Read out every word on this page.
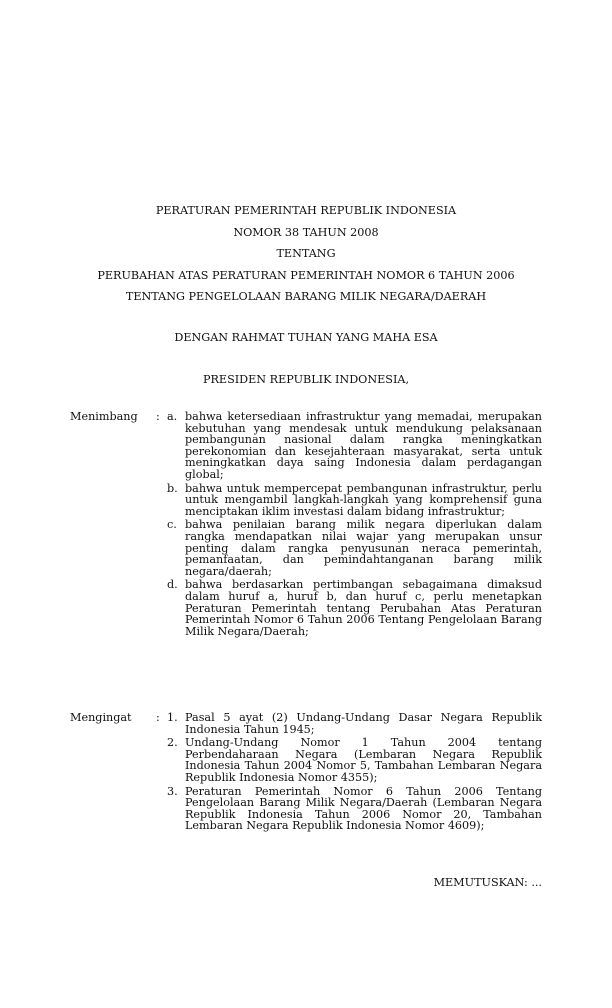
PERATURAN PEMERINTAH REPUBLIK INDONESIA
NOMOR 38 TAHUN 2008
TENTANG
PERUBAHAN ATAS PERATURAN PEMERINTAH NOMOR 6 TAHUN 2006
TENTANG PENGELOLAAN BARANG MILIK NEGARA/DAERAH
DENGAN RAHMAT TUHAN YANG MAHA ESA
PRESIDEN REPUBLIK INDONESIA,
Menimbang : a. bahwa ketersediaan infrastruktur yang memadai, merupakan kebutuhan yang mendesak untuk mendukung pelaksanaan pembangunan nasional dalam rangka meningkatkan perekonomian dan kesejahteraan masyarakat, serta untuk meningkatkan daya saing Indonesia dalam perdagangan global;
b. bahwa untuk mempercepat pembangunan infrastruktur, perlu untuk mengambil langkah-langkah yang komprehensif guna menciptakan iklim investasi dalam bidang infrastruktur;
c. bahwa penilaian barang milik negara diperlukan dalam rangka mendapatkan nilai wajar yang merupakan unsur penting dalam rangka penyusunan neraca pemerintah, pemanfaatan, dan pemindahtanganan barang milik negara/daerah;
d. bahwa berdasarkan pertimbangan sebagaimana dimaksud dalam huruf a, huruf b, dan huruf c, perlu menetapkan Peraturan Pemerintah tentang Perubahan Atas Peraturan Pemerintah Nomor 6 Tahun 2006 Tentang Pengelolaan Barang Milik Negara/Daerah;
Mengingat : 1. Pasal 5 ayat (2) Undang-Undang Dasar Negara Republik Indonesia Tahun 1945;
2. Undang-Undang Nomor 1 Tahun 2004 tentang Perbendaharaan Negara (Lembaran Negara Republik Indonesia Tahun 2004 Nomor 5, Tambahan Lembaran Negara Republik Indonesia Nomor 4355);
3. Peraturan Pemerintah Nomor 6 Tahun 2006 Tentang Pengelolaan Barang Milik Negara/Daerah (Lembaran Negara Republik Indonesia Tahun 2006 Nomor 20, Tambahan Lembaran Negara Republik Indonesia Nomor 4609);
MEMUTUSKAN: ...
